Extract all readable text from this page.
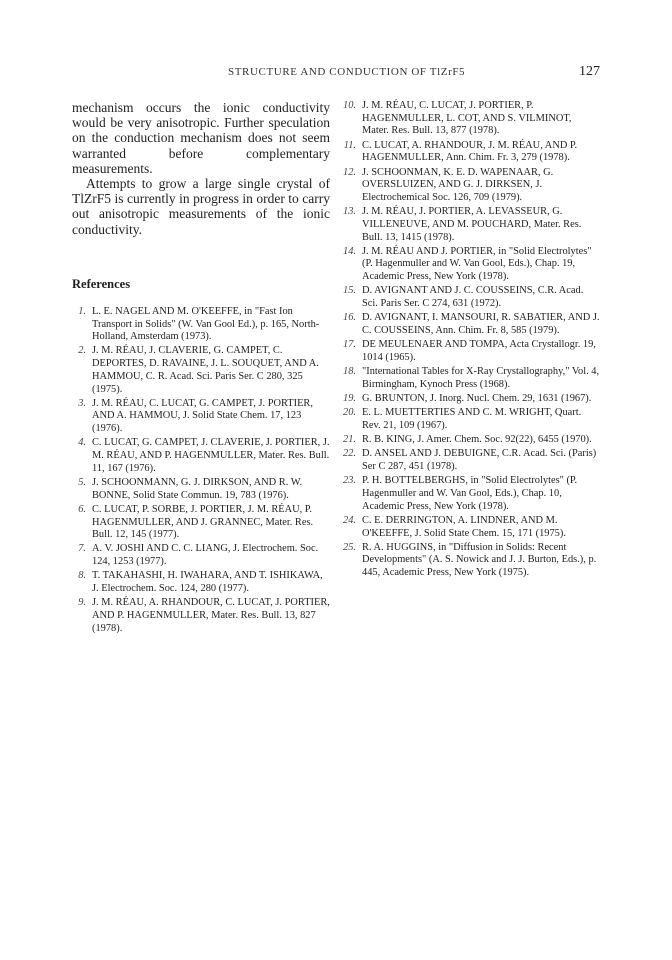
STRUCTURE AND CONDUCTION OF TlZrF5	127

mechanism occurs the ionic conductivity would be very anisotropic. Further speculation on the conduction mechanism does not seem warranted before complementary measurements.

Attempts to grow a large single crystal of TlZrF5 is currently in progress in order to carry out anisotropic measurements of the ionic conductivity.

References
1. L. E. NAGEL AND M. O'KEEFFE, in "Fast Ion Transport in Solids" (W. Van Gool Ed.), p. 165, North-Holland, Amsterdam (1973).
2. J. M. RÉAU, J. CLAVERIE, G. CAMPET, C. DEPORTES, D. RAVAINE, J. L. SOUQUET, AND A. HAMMOU, C. R. Acad. Sci. Paris Ser. C 280, 325 (1975).
3. J. M. RÉAU, C. LUCAT, G. CAMPET, J. PORTIER, AND A. HAMMOU, J. Solid State Chem. 17, 123 (1976).
4. C. LUCAT, G. CAMPET, J. CLAVERIE, J. PORTIER, J. M. RÉAU, AND P. HAGENMULLER, Mater. Res. Bull. 11, 167 (1976).
5. J. SCHOONMANN, G. J. DIRKSON, AND R. W. BONNE, Solid State Commun. 19, 783 (1976).
6. C. LUCAT, P. SORBE, J. PORTIER, J. M. RÉAU, P. HAGENMULLER, AND J. GRANNEC, Mater. Res. Bull. 12, 145 (1977).
7. A. V. JOSHI AND C. C. LIANG, J. Electrochem. Soc. 124, 1253 (1977).
8. T. TAKAHASHI, H. IWAHARA, AND T. ISHIKAWA, J. Electrochem. Soc. 124, 280 (1977).
9. J. M. RÉAU, A. RHANDOUR, C. LUCAT, J. PORTIER, AND P. HAGENMULLER, Mater. Res. Bull. 13, 827 (1978).
10. J. M. RÉAU, C. LUCAT, J. PORTIER, P. HAGENMULLER, L. COT, AND S. VILMINOT, Mater. Res. Bull. 13, 877 (1978).
11. C. LUCAT, A. RHANDOUR, J. M. RÉAU, AND P. HAGENMULLER, Ann. Chim. Fr. 3, 279 (1978).
12. J. SCHOONMAN, K. E. D. WAPENAAR, G. OVERSLUIZEN, AND G. J. DIRKSEN, J. Electrochemical Soc. 126, 709 (1979).
13. J. M. RÉAU, J. PORTIER, A. LEVASSEUR, G. VILLENEUVE, AND M. POUCHARD, Mater. Res. Bull. 13, 1415 (1978).
14. J. M. RÉAU AND J. PORTIER, in "Solid Electrolytes" (P. Hagenmuller and W. Van Gool, Eds.), Chap. 19, Academic Press, New York (1978).
15. D. AVIGNANT AND J. C. COUSSEINS, C.R. Acad. Sci. Paris Ser. C 274, 631 (1972).
16. D. AVIGNANT, I. MANSOURI, R. SABATIER, AND J. C. COUSSEINS, Ann. Chim. Fr. 8, 585 (1979).
17. DE MEULENAER AND TOMPA, Acta Crystallogr. 19, 1014 (1965).
18. "International Tables for X-Ray Crystallography," Vol. 4, Birmingham, Kynoch Press (1968).
19. G. BRUNTON, J. Inorg. Nucl. Chem. 29, 1631 (1967).
20. E. L. MUETTERTIES AND C. M. WRIGHT, Quart. Rev. 21, 109 (1967).
21. R. B. KING, J. Amer. Chem. Soc. 92(22), 6455 (1970).
22. D. ANSEL AND J. DEBUIGNE, C.R. Acad. Sci. (Paris) Ser C 287, 451 (1978).
23. P. H. BOTTELBERGHS, in "Solid Electrolytes" (P. Hagenmuller and W. Van Gool, Eds.), Chap. 10, Academic Press, New York (1978).
24. C. E. DERRINGTON, A. LINDNER, AND M. O'KEEFFE, J. Solid State Chem. 15, 171 (1975).
25. R. A. HUGGINS, in "Diffusion in Solids: Recent Developments" (A. S. Nowick and J. J. Burton, Eds.), p. 445, Academic Press, New York (1975).
